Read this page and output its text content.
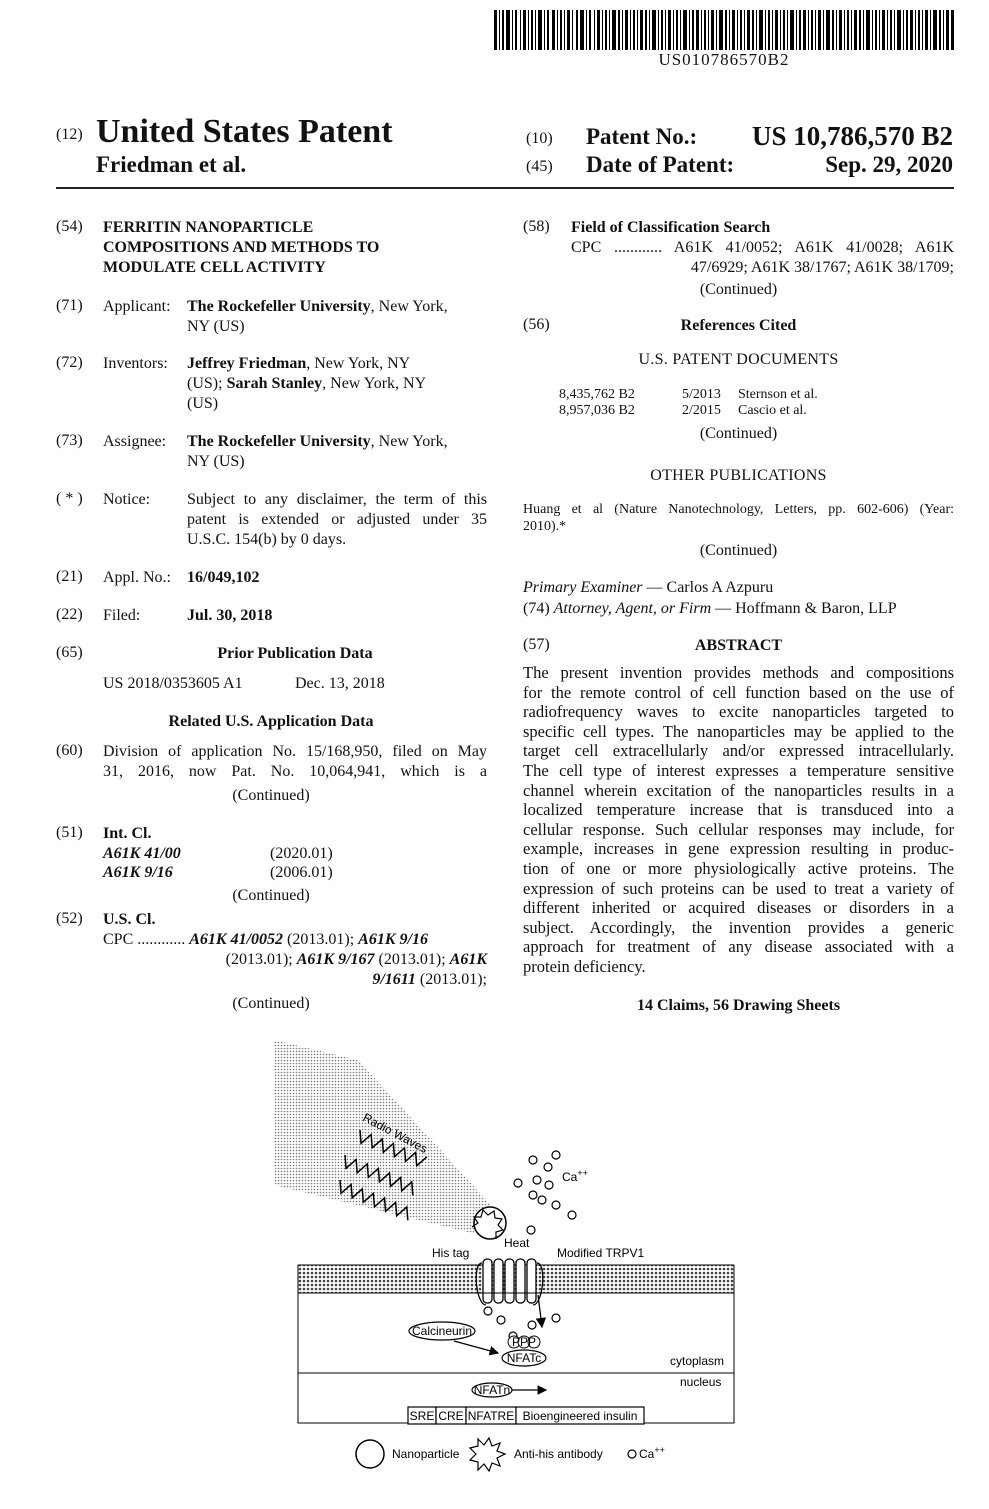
US010786570B2
(12) United States Patent
Friedman et al.
(10) Patent No.: US 10,786,570 B2
(45) Date of Patent:	Sep. 29, 2020
(54) FERRITIN NANOPARTICLE
COMPOSITIONS AND METHODS TO
MODULATE CELL ACTIVITY
(71) Applicant: The Rockefeller University, New York,
NY (US)
(72) Inventors: Jeffrey Friedman, New York, NY
(US); Sarah Stanley, New York, NY
(US)
(73) Assignee: The Rockefeller University, New York,
NY (US)
( * ) Notice: Subject to any disclaimer, the term of this
patent is extended or adjusted under 35
U.S.C. 154(b) by 0 days.
(21) Appl. No.: 16/049,102
(22) Filed:	Jul. 30, 2018
(65)	Prior Publication Data
US 2018/0353605 A1	Dec. 13, 2018
Related U.S. Application Data
(60) Division of application No. 15/168,950, filed on May
31, 2016, now Pat. No. 10,064,941, which is a
(Continued)
(51) Int. Cl.
A61K 41/00	(2020.01)
A61K 9/16	(2006.01)
(Continued)
(52) U.S. Cl.
CPC ............ A61K 41/0052 (2013.01); A61K 9/16
(2013.01); A61K 9/167 (2013.01); A61K
9/1611 (2013.01);
(Continued)
(58) Field of Classification Search
CPC ............ A61K 41/0052; A61K 41/0028; A61K
47/6929; A61K 38/1767; A61K 38/1709;
(Continued)
(56)	References Cited
U.S. PATENT DOCUMENTS
8,435,762 B2	5/2013 Sternson et al.
8,957,036 B2	2/2015 Cascio et al.
(Continued)
OTHER PUBLICATIONS
Huang et al (Nature Nanotechnology, Letters, pp. 602-606) (Year:
2010).*
(Continued)
Primary Examiner — Carlos A Azpuru
(74) Attorney, Agent, or Firm — Hoffmann & Baron, LLP
(57)	ABSTRACT
The present invention provides methods and compositions
for the remote control of cell function based on the use of
radiofrequency waves to excite nanoparticles targeted to
specific cell types. The nanoparticles may be applied to the
target cell extracellularly and/or expressed intracellularly.
The cell type of interest expresses a temperature sensitive
channel wherein excitation of the nanoparticles results in a
localized temperature increase that is transduced into a
cellular response. Such cellular responses may include, for
example, increases in gene expression resulting in produc-
tion of one or more physiologically active proteins. The
expression of such proteins can be used to treat a variety of
different inherited or acquired diseases or disorders in a
subject. Accordingly, the invention provides a generic
approach for treatment of any disease associated with a
protein deficiency.
14 Claims, 56 Drawing Sheets
Radio Waves
Ca++
Heat
His tag	Modified TRPV1
Calcineurin
PPP
NFATc	cytoplasm
nucleus
NFATn
SRE CRE NFATRE Bioengineered insulin
Nanoparticle	Anti-his antibody	Ca++
